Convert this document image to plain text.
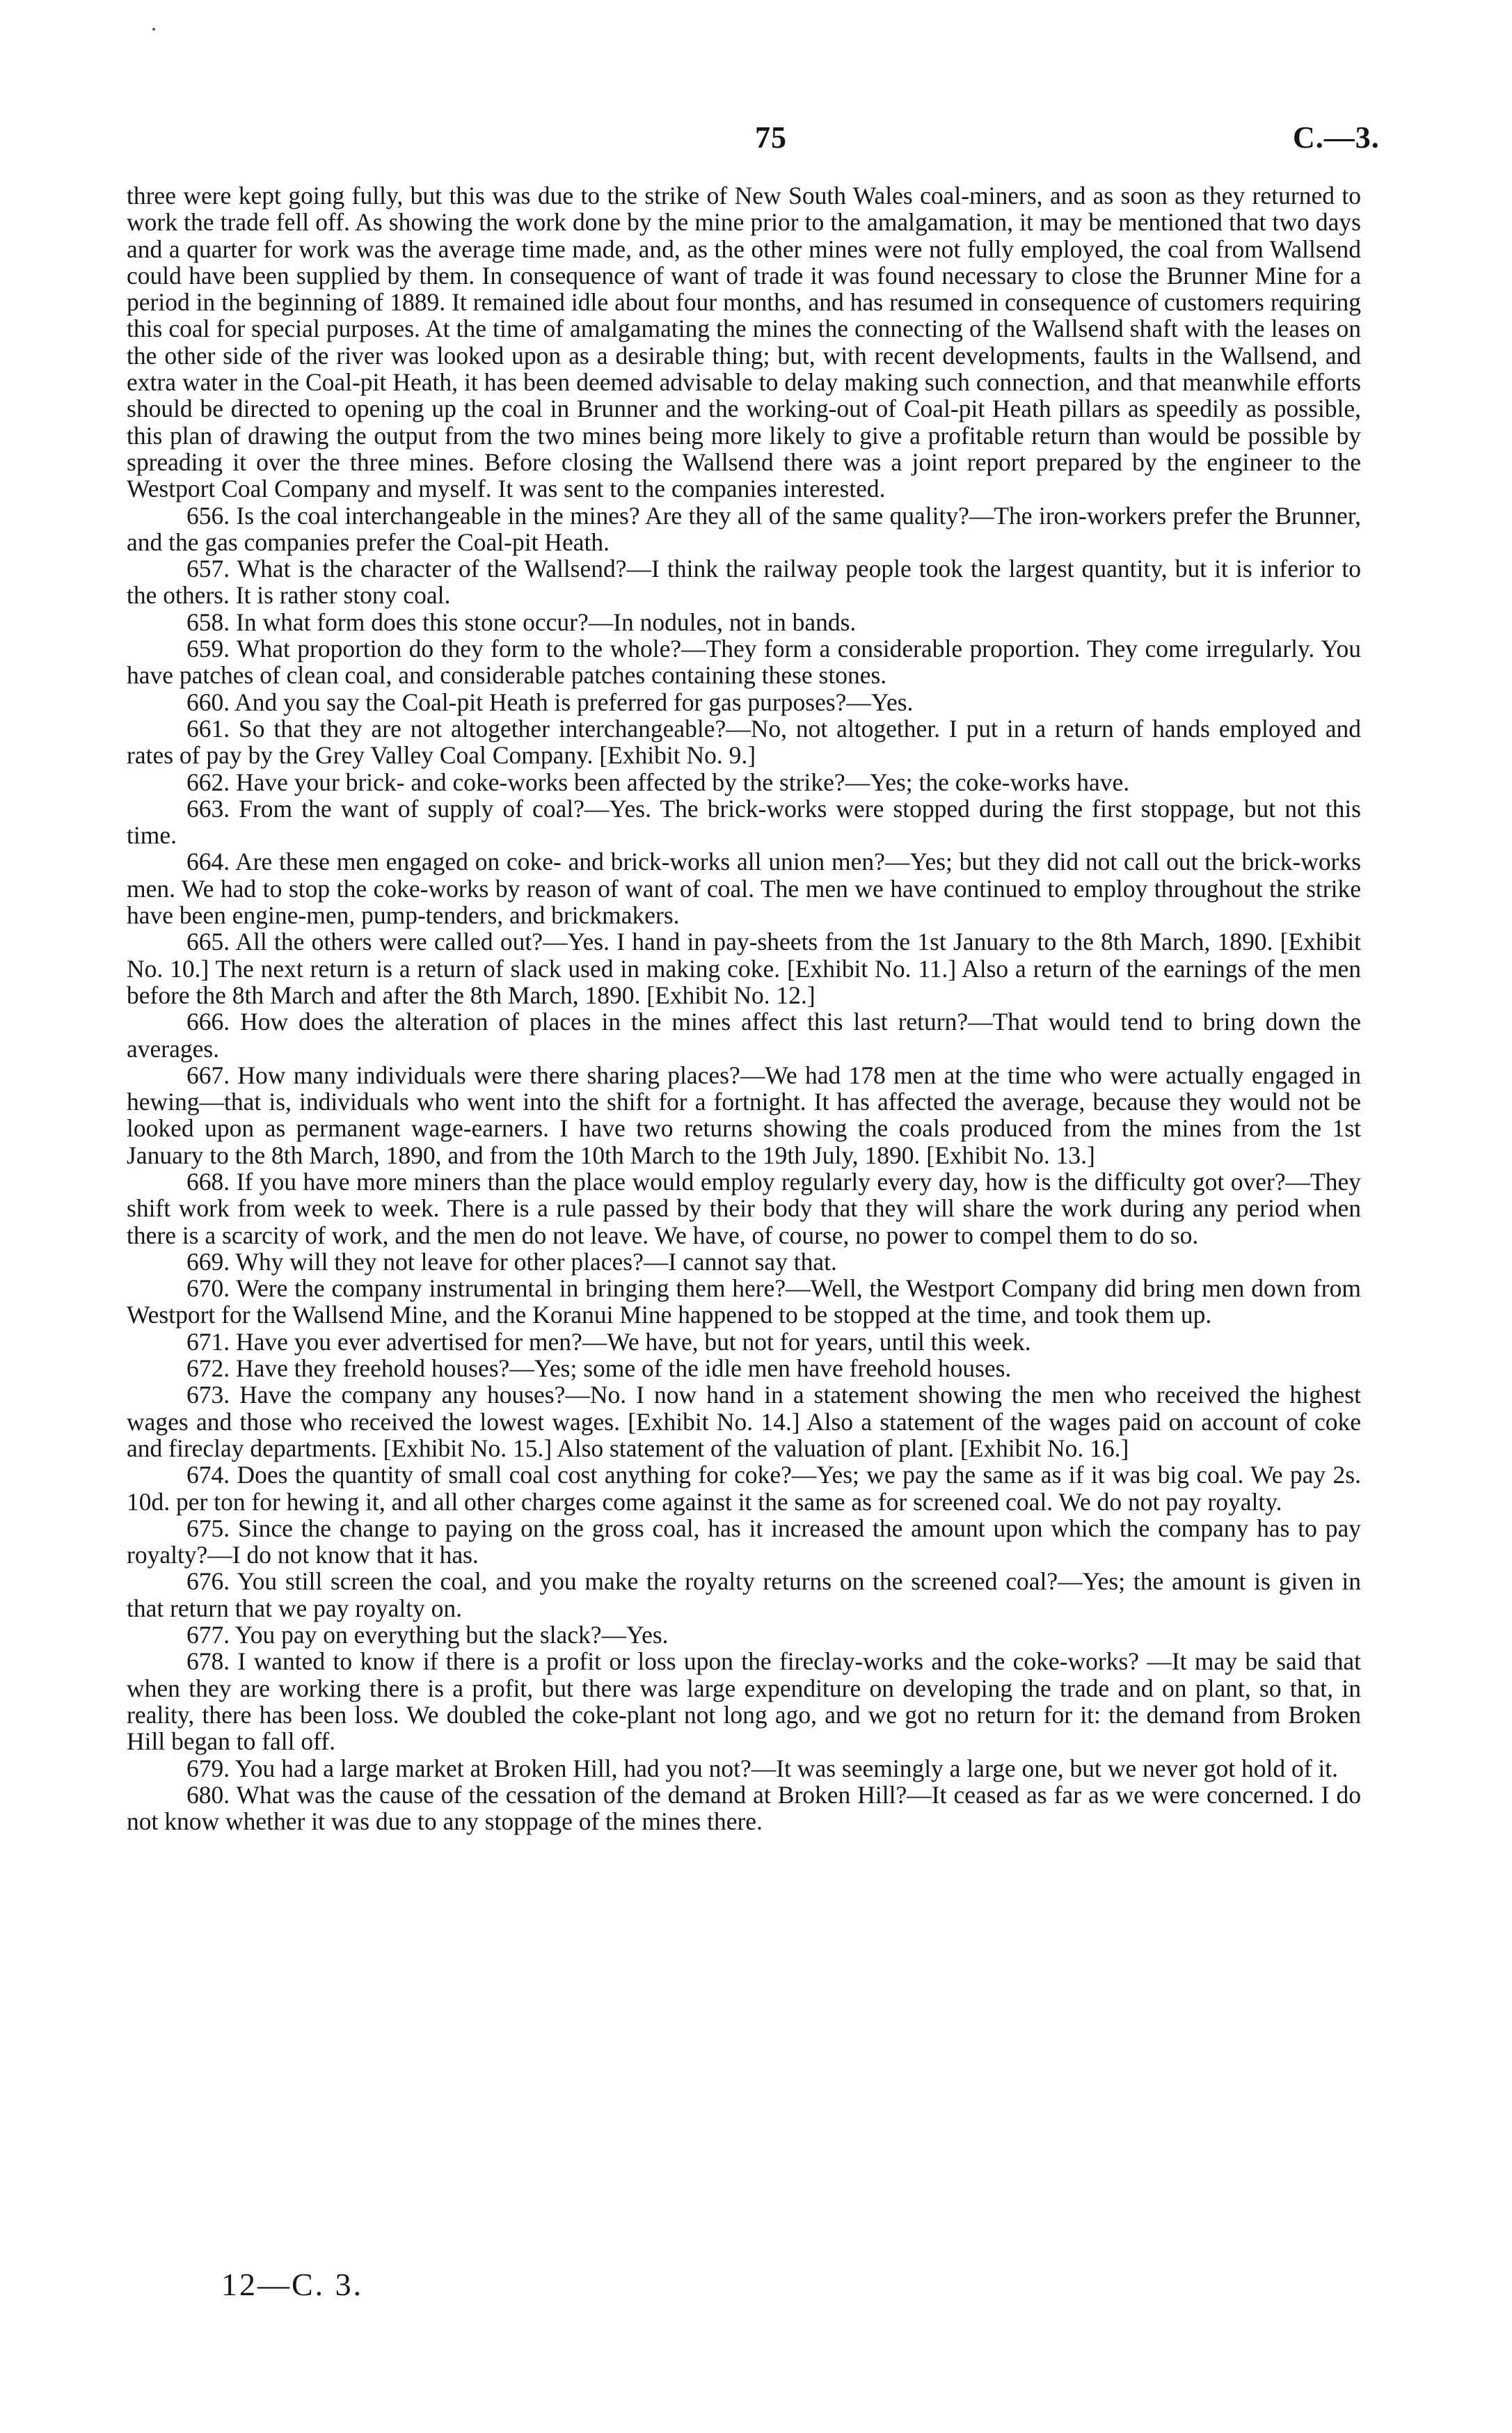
75	C.—3.

three were kept going fully, but this was due to the strike of New South Wales coal-miners, and as soon as they returned to work the trade fell off. As showing the work done by the mine prior to the amalgamation, it may be mentioned that two days and a quarter for work was the average time made, and, as the other mines were not fully employed, the coal from Wallsend could have been supplied by them. In consequence of want of trade it was found necessary to close the Brunner Mine for a period in the beginning of 1889. It remained idle about four months, and has resumed in consequence of customers requiring this coal for special purposes. At the time of amalgamating the mines the connecting of the Wallsend shaft with the leases on the other side of the river was looked upon as a desirable thing; but, with recent developments, faults in the Wallsend, and extra water in the Coal-pit Heath, it has been deemed advisable to delay making such connection, and that meanwhile efforts should be directed to opening up the coal in Brunner and the working-out of Coal-pit Heath pillars as speedily as possible, this plan of drawing the output from the two mines being more likely to give a profitable return than would be possible by spreading it over the three mines. Before closing the Wallsend there was a joint report prepared by the engineer to the Westport Coal Company and myself. It was sent to the companies interested.

656. Is the coal interchangeable in the mines? Are they all of the same quality?—The iron-workers prefer the Brunner, and the gas companies prefer the Coal-pit Heath.

657. What is the character of the Wallsend?—I think the railway people took the largest quantity, but it is inferior to the others. It is rather stony coal.

658. In what form does this stone occur?—In nodules, not in bands.

659. What proportion do they form to the whole?—They form a considerable proportion. They come irregularly. You have patches of clean coal, and considerable patches containing these stones.

660. And you say the Coal-pit Heath is preferred for gas purposes?—Yes.

661. So that they are not altogether interchangeable?—No, not altogether. I put in a return of hands employed and rates of pay by the Grey Valley Coal Company. [Exhibit No. 9.]

662. Have your brick- and coke-works been affected by the strike?—Yes; the coke-works have.

663. From the want of supply of coal?—Yes. The brick-works were stopped during the first stoppage, but not this time.

664. Are these men engaged on coke- and brick-works all union men?—Yes; but they did not call out the brick-works men. We had to stop the coke-works by reason of want of coal. The men we have continued to employ throughout the strike have been engine-men, pump-tenders, and brickmakers.

665. All the others were called out?—Yes. I hand in pay-sheets from the 1st January to the 8th March, 1890. [Exhibit No. 10.] The next return is a return of slack used in making coke. [Exhibit No. 11.] Also a return of the earnings of the men before the 8th March and after the 8th March, 1890. [Exhibit No. 12.]

666. How does the alteration of places in the mines affect this last return?—That would tend to bring down the averages.

667. How many individuals were there sharing places?—We had 178 men at the time who were actually engaged in hewing—that is, individuals who went into the shift for a fortnight. It has affected the average, because they would not be looked upon as permanent wage-earners. I have two returns showing the coals produced from the mines from the 1st January to the 8th March, 1890, and from the 10th March to the 19th July, 1890. [Exhibit No. 13.]

668. If you have more miners than the place would employ regularly every day, how is the difficulty got over?—They shift work from week to week. There is a rule passed by their body that they will share the work during any period when there is a scarcity of work, and the men do not leave. We have, of course, no power to compel them to do so.

669. Why will they not leave for other places?—I cannot say that.

670. Were the company instrumental in bringing them here?—Well, the Westport Company did bring men down from Westport for the Wallsend Mine, and the Koranui Mine happened to be stopped at the time, and took them up.

671. Have you ever advertised for men?—We have, but not for years, until this week.

672. Have they freehold houses?—Yes; some of the idle men have freehold houses.

673. Have the company any houses?—No. I now hand in a statement showing the men who received the highest wages and those who received the lowest wages. [Exhibit No. 14.] Also a statement of the wages paid on account of coke and fireclay departments. [Exhibit No. 15.] Also statement of the valuation of plant. [Exhibit No. 16.]

674. Does the quantity of small coal cost anything for coke?—Yes; we pay the same as if it was big coal. We pay 2s. 10d. per ton for hewing it, and all other charges come against it the same as for screened coal. We do not pay royalty.

675. Since the change to paying on the gross coal, has it increased the amount upon which the company has to pay royalty?—I do not know that it has.

676. You still screen the coal, and you make the royalty returns on the screened coal?—Yes; the amount is given in that return that we pay royalty on.

677. You pay on everything but the slack?—Yes.

678. I wanted to know if there is a profit or loss upon the fireclay-works and the coke-works? —It may be said that when they are working there is a profit, but there was large expenditure on developing the trade and on plant, so that, in reality, there has been loss. We doubled the coke-plant not long ago, and we got no return for it: the demand from Broken Hill began to fall off.

679. You had a large market at Broken Hill, had you not?—It was seemingly a large one, but we never got hold of it.

680. What was the cause of the cessation of the demand at Broken Hill?—It ceased as far as we were concerned. I do not know whether it was due to any stoppage of the mines there.

12—C. 3.
